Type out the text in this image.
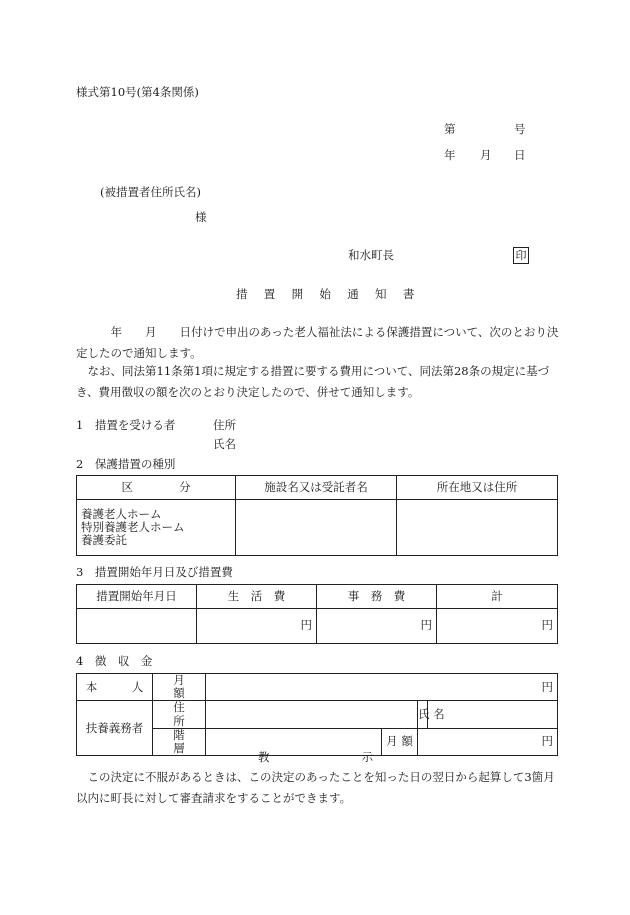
様式第10号(第4条関係)
第	号
年 月 日
(被措置者住所氏名)
様
和水町長	印
措 置 開 始 通 知 書

　　　年　　月　　日付けで申出のあった老人福祉法による保護措置について、次のとおり決定したので通知します。

　なお、同法第11条第1項に規定する措置に要する費用について、同法第28条の規定に基づき、費用徴収の額を次のとおり決定したので、併せて通知します。

1　措置を受ける者	住所
氏名
2　保護措置の種別
区　　　　分	施設名又は受託者名	所在地又は住所

養護老人ホーム
特別養護老人ホーム
養護委託		

3　措置開始年月日及び措置費
措置開始年月日	生　活　費	事　務　費	計
	円	円	円
4　徴　収　金
本　　　人	月　　額	円			
扶養義務者	住　　所			氏 名	
	階　　層		月 額	円	
教　　　　　　　　示

　この決定に不服があるときは、この決定のあったことを知った日の翌日から起算して3箇月以内に町長に対して審査請求をすることができます。
